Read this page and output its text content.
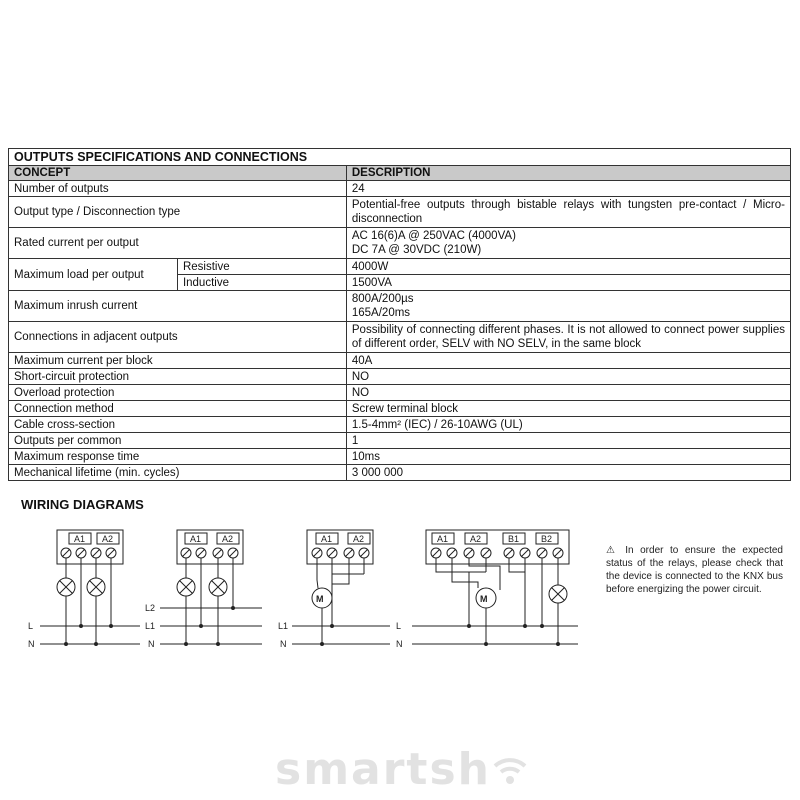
OUTPUTS SPECIFICATIONS AND CONNECTIONS		
CONCEPT		DESCRIPTION
Number of outputs		24
Output type / Disconnection type		Potential-free outputs through bistable relays with tungsten pre-contact / Micro-disconnection
Rated current per output		AC 16(6)A @ 250VAC (4000VA)
DC 7A @ 30VDC (210W)
Maximum load per output	Resistive	4000W
	Inductive	1500VA
Maximum inrush current		800A/200µs
165A/20ms
Connections in adjacent outputs		Possibility of connecting different phases. It is not allowed to connect power supplies of different order, SELV with NO SELV, in the same block
Maximum current per block		40A
Short-circuit protection		NO
Overload protection		NO
Connection method		Screw terminal block
Cable cross-section		1.5-4mm² (IEC) / 26-10AWG (UL)
Outputs per common		1
Maximum response time		10ms
Mechanical lifetime (min. cycles)		3 000 000
WIRING DIAGRAMS
A1 A2
L
N
A1 A2
L2
L1
N
A1 A2
M
L1
N
A1 A2	B1 B2
M
L
N
⚠ In order to ensure the expected status of the relays, please check that the device is connected to the KNX bus before energizing the power circuit.
smartsh
